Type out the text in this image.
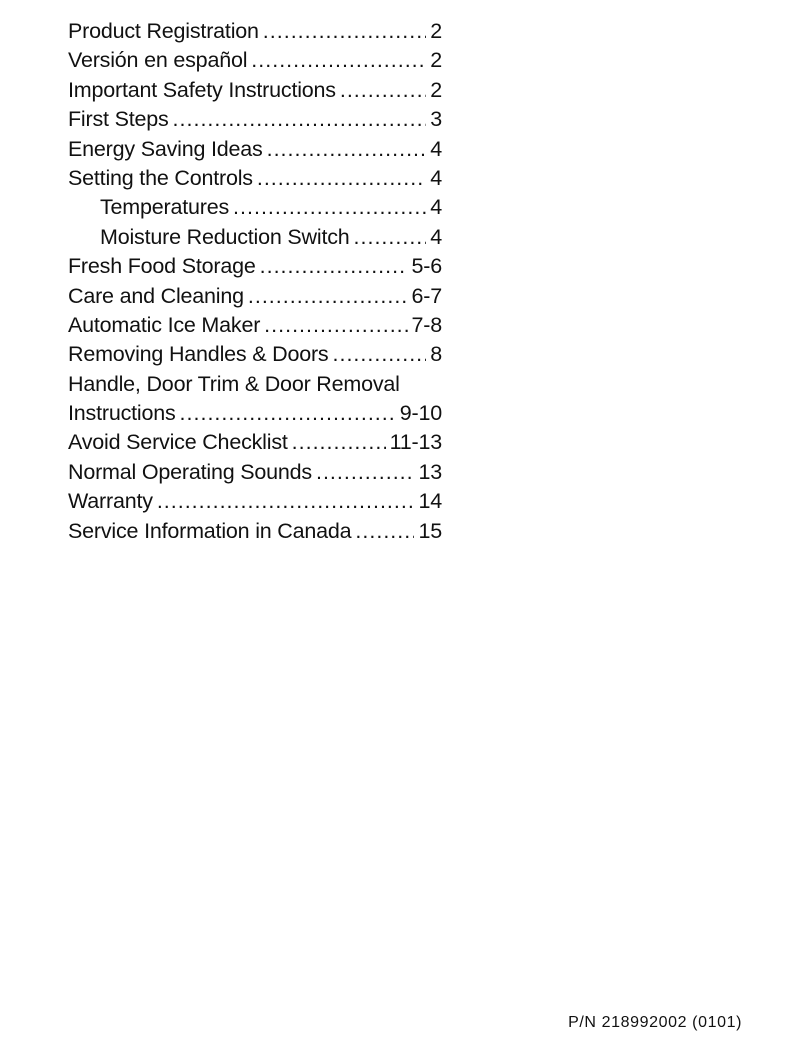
Product Registration .....	2
Versión en español .....	2
Important Safety Instructions .....	2
First Steps .....	3
Energy Saving Ideas .....	4
Setting the Controls .....	4
Temperatures .....	4
Moisture Reduction Switch .....	4
Fresh Food Storage .....	5-6
Care and Cleaning .....	6-7
Automatic Ice Maker .....	7-8
Removing Handles & Doors .....	8
Handle, Door Trim & Door Removal
Instructions .....	9-10
Avoid Service Checklist .....	11-13
Normal Operating Sounds .....	13
Warranty .....	14
Service Information in Canada .....	15
P/N 218992002 (0101)
